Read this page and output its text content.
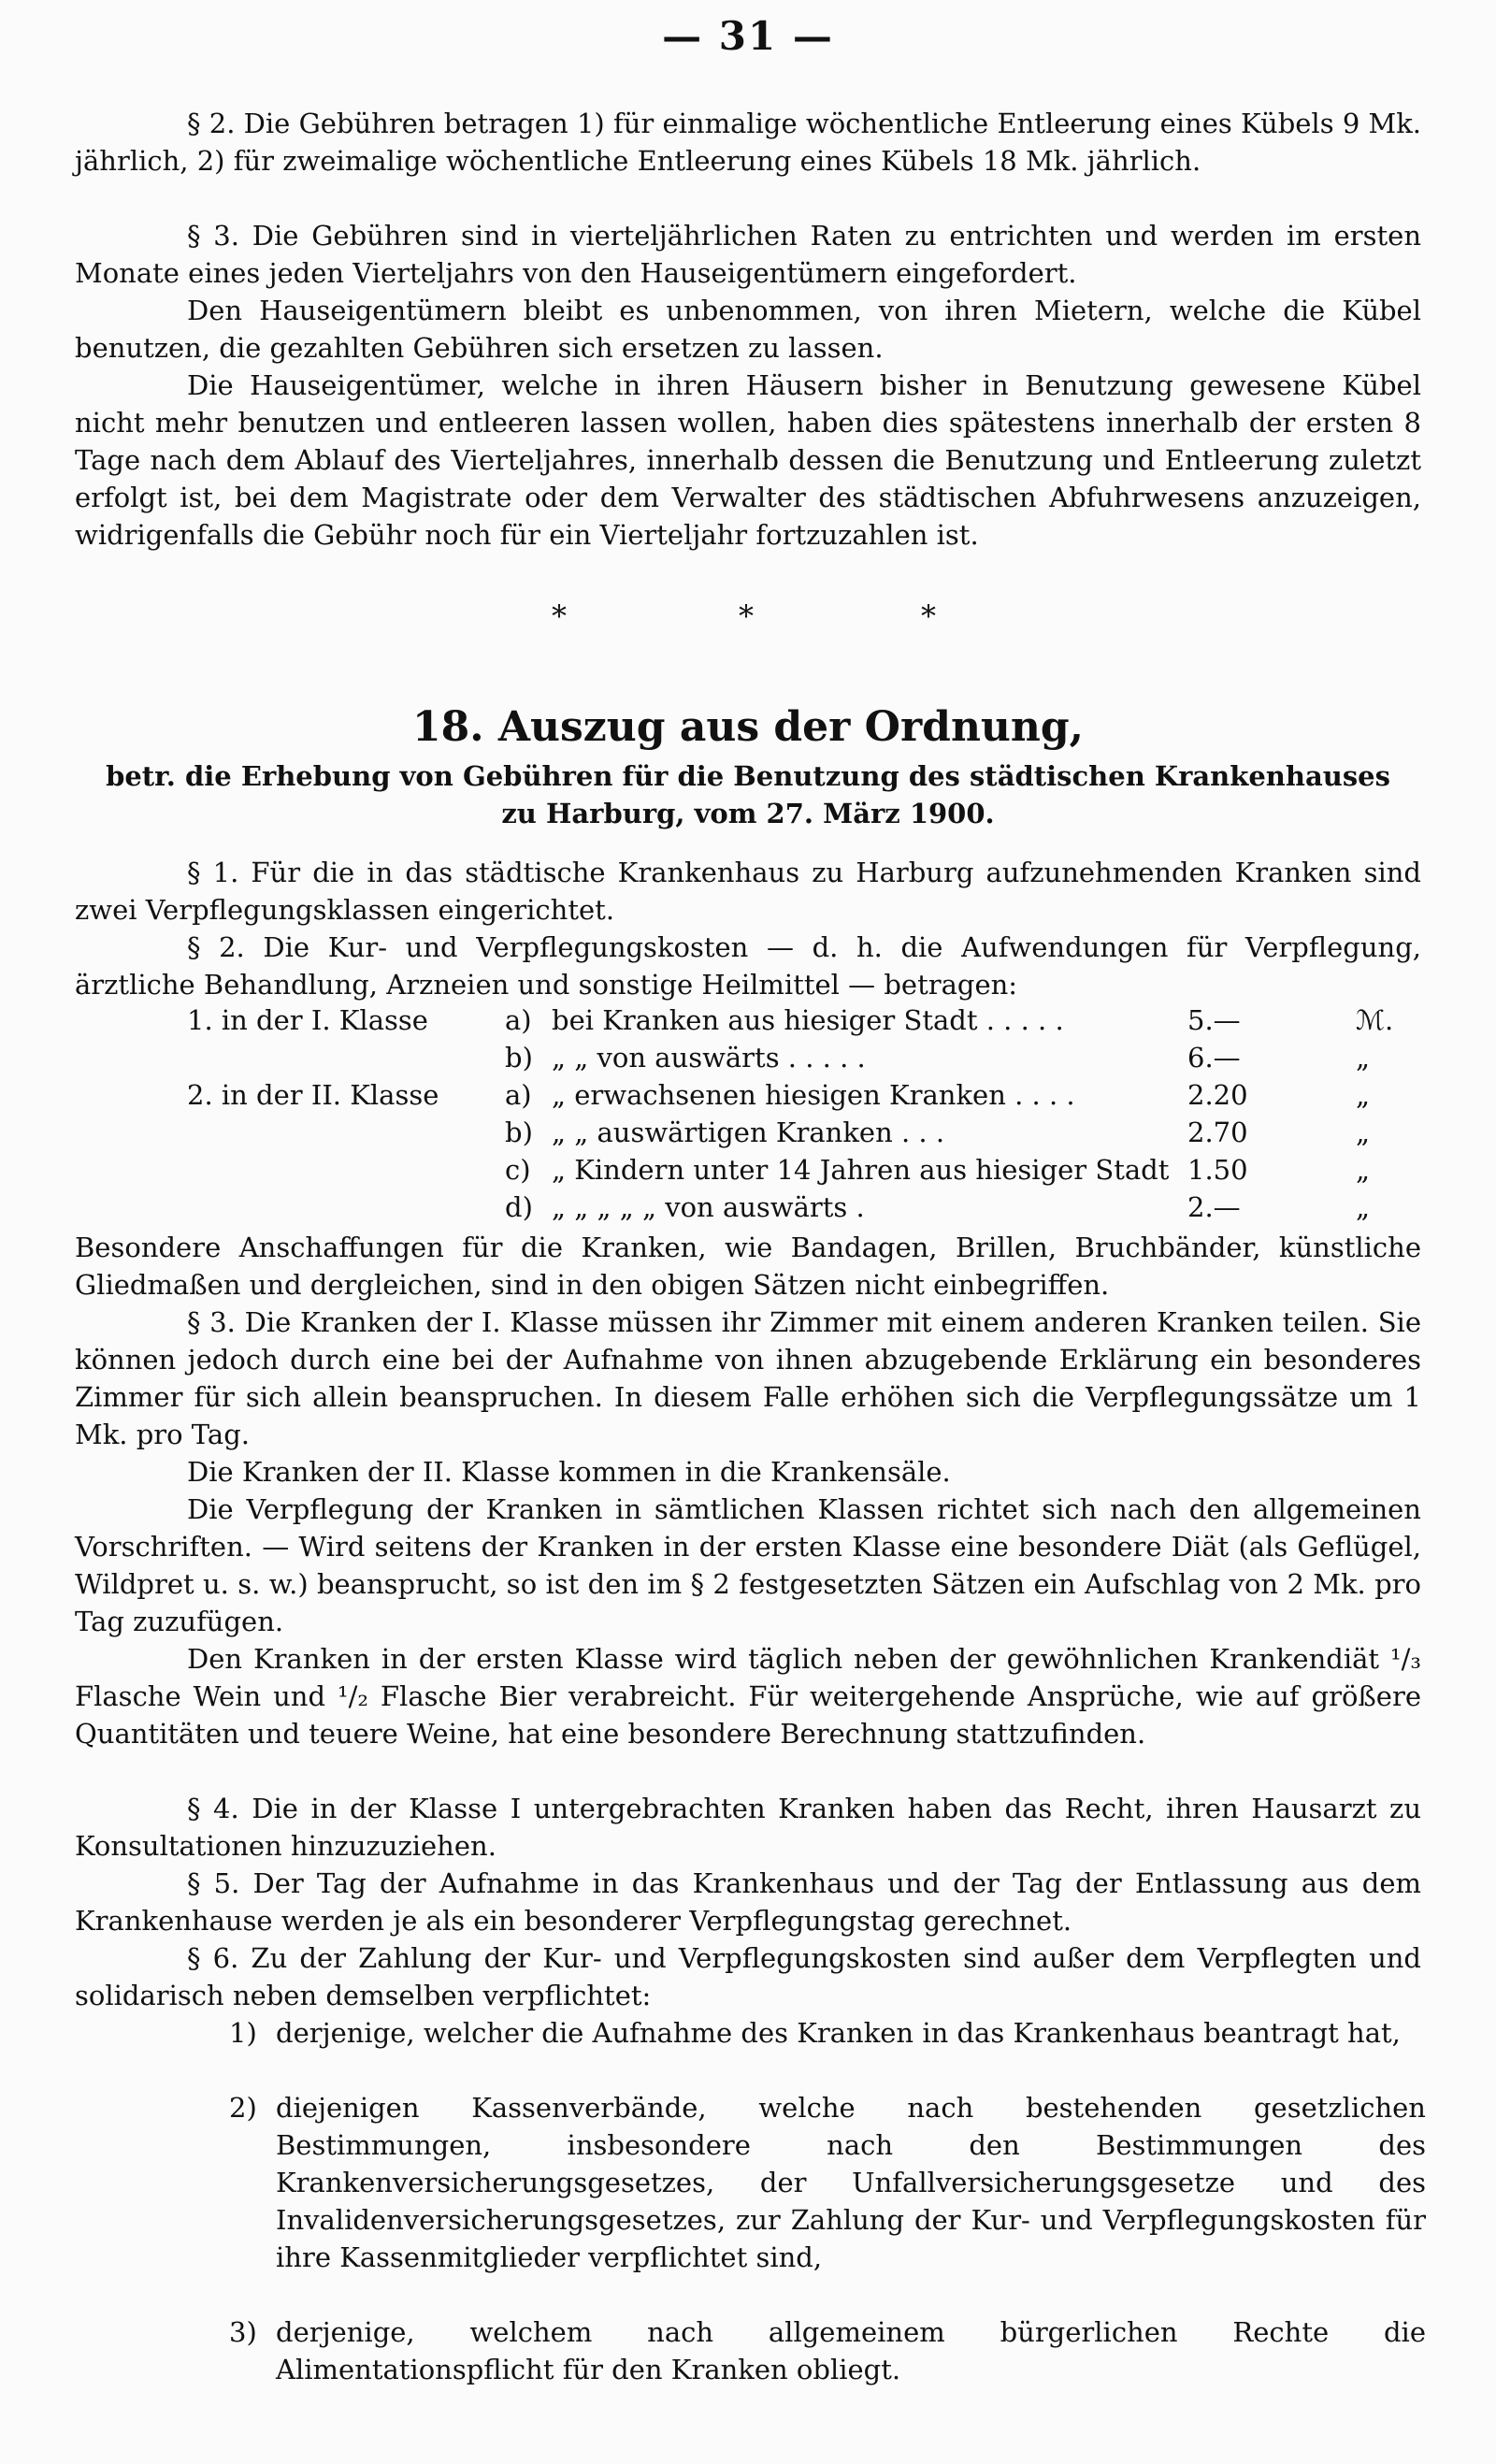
— 31 —
§ 2. Die Gebühren betragen 1) für einmalige wöchentliche Entleerung eines Kübels 9 Mk. jährlich, 2) für zweimalige wöchentliche Entleerung eines Kübels 18 Mk. jährlich.
§ 3. Die Gebühren sind in vierteljährlichen Raten zu entrichten und werden im ersten Monate eines jeden Vierteljahrs von den Hauseigentümern eingefordert.
Den Hauseigentümern bleibt es unbenommen, von ihren Mietern, welche die Kübel benutzen, die gezahlten Gebühren sich ersetzen zu lassen.
Die Hauseigentümer, welche in ihren Häusern bisher in Benutzung gewesene Kübel nicht mehr benutzen und entleeren lassen wollen, haben dies spätestens innerhalb der ersten 8 Tage nach dem Ablauf des Vierteljahres, innerhalb dessen die Benutzung und Entleerung zuletzt erfolgt ist, bei dem Magistrate oder dem Verwalter des städtischen Abfuhrwesens anzuzeigen, widrigenfalls die Gebühr noch für ein Vierteljahr fortzuzahlen ist.
*	*	*
18. Auszug aus der Ordnung,
betr. die Erhebung von Gebühren für die Benutzung des städtischen Krankenhauses
zu Harburg, vom 27. März 1900.
§ 1. Für die in das städtische Krankenhaus zu Harburg aufzunehmenden Kranken sind zwei Verpflegungsklassen eingerichtet.
§ 2. Die Kur- und Verpflegungskosten — d. h. die Aufwendungen für Verpflegung, ärztliche Behandlung, Arzneien und sonstige Heilmittel — betragen:
1. in der I. Klasse	a) bei Kranken aus hiesiger Stadt . . . . .	5.—	ℳ.
b) „ „ von auswärts . . . . .	6.—	„
2. in der II. Klasse a) „ erwachsenen hiesigen Kranken . . . .	2.20	„
b) „ „ auswärtigen Kranken . . .	2.70	„
c) „ Kindern unter 14 Jahren aus hiesiger Stadt 1.50	„
d) „ „ „ „ „ von auswärts .	2.—	„
Besondere Anschaffungen für die Kranken, wie Bandagen, Brillen, Bruchbänder, künstliche Gliedmaßen und dergleichen, sind in den obigen Sätzen nicht einbegriffen.
§ 3. Die Kranken der I. Klasse müssen ihr Zimmer mit einem anderen Kranken teilen. Sie können jedoch durch eine bei der Aufnahme von ihnen abzugebende Erklärung ein besonderes Zimmer für sich allein beanspruchen. In diesem Falle erhöhen sich die Verpflegungssätze um 1 Mk. pro Tag.
Die Kranken der II. Klasse kommen in die Krankensäle.
Die Verpflegung der Kranken in sämtlichen Klassen richtet sich nach den allgemeinen Vorschriften. — Wird seitens der Kranken in der ersten Klasse eine besondere Diät (als Geflügel, Wildpret u. s. w.) beansprucht, so ist den im § 2 festgesetzten Sätzen ein Aufschlag von 2 Mk. pro Tag zuzufügen.
Den Kranken in der ersten Klasse wird täglich neben der gewöhnlichen Krankendiät ¹/₃ Flasche Wein und ¹/₂ Flasche Bier verabreicht. Für weitergehende Ansprüche, wie auf größere Quantitäten und teuere Weine, hat eine besondere Berechnung stattzufinden.
§ 4. Die in der Klasse I untergebrachten Kranken haben das Recht, ihren Hausarzt zu Konsultationen hinzuzuziehen.
§ 5. Der Tag der Aufnahme in das Krankenhaus und der Tag der Entlassung aus dem Krankenhause werden je als ein besonderer Verpflegungstag gerechnet.
§ 6. Zu der Zahlung der Kur- und Verpflegungskosten sind außer dem Verpflegten und solidarisch neben demselben verpflichtet:
1) derjenige, welcher die Aufnahme des Kranken in das Krankenhaus beantragt hat,
2) diejenigen Kassenverbände, welche nach bestehenden gesetzlichen Bestimmungen, insbesondere nach den Bestimmungen des Krankenversicherungsgesetzes, der Unfallversicherungsgesetze und des Invalidenversicherungsgesetzes, zur Zahlung der Kur- und Verpflegungskosten für ihre Kassenmitglieder verpflichtet sind,
3) derjenige, welchem nach allgemeinem bürgerlichen Rechte die Alimentationspflicht für den Kranken obliegt.
